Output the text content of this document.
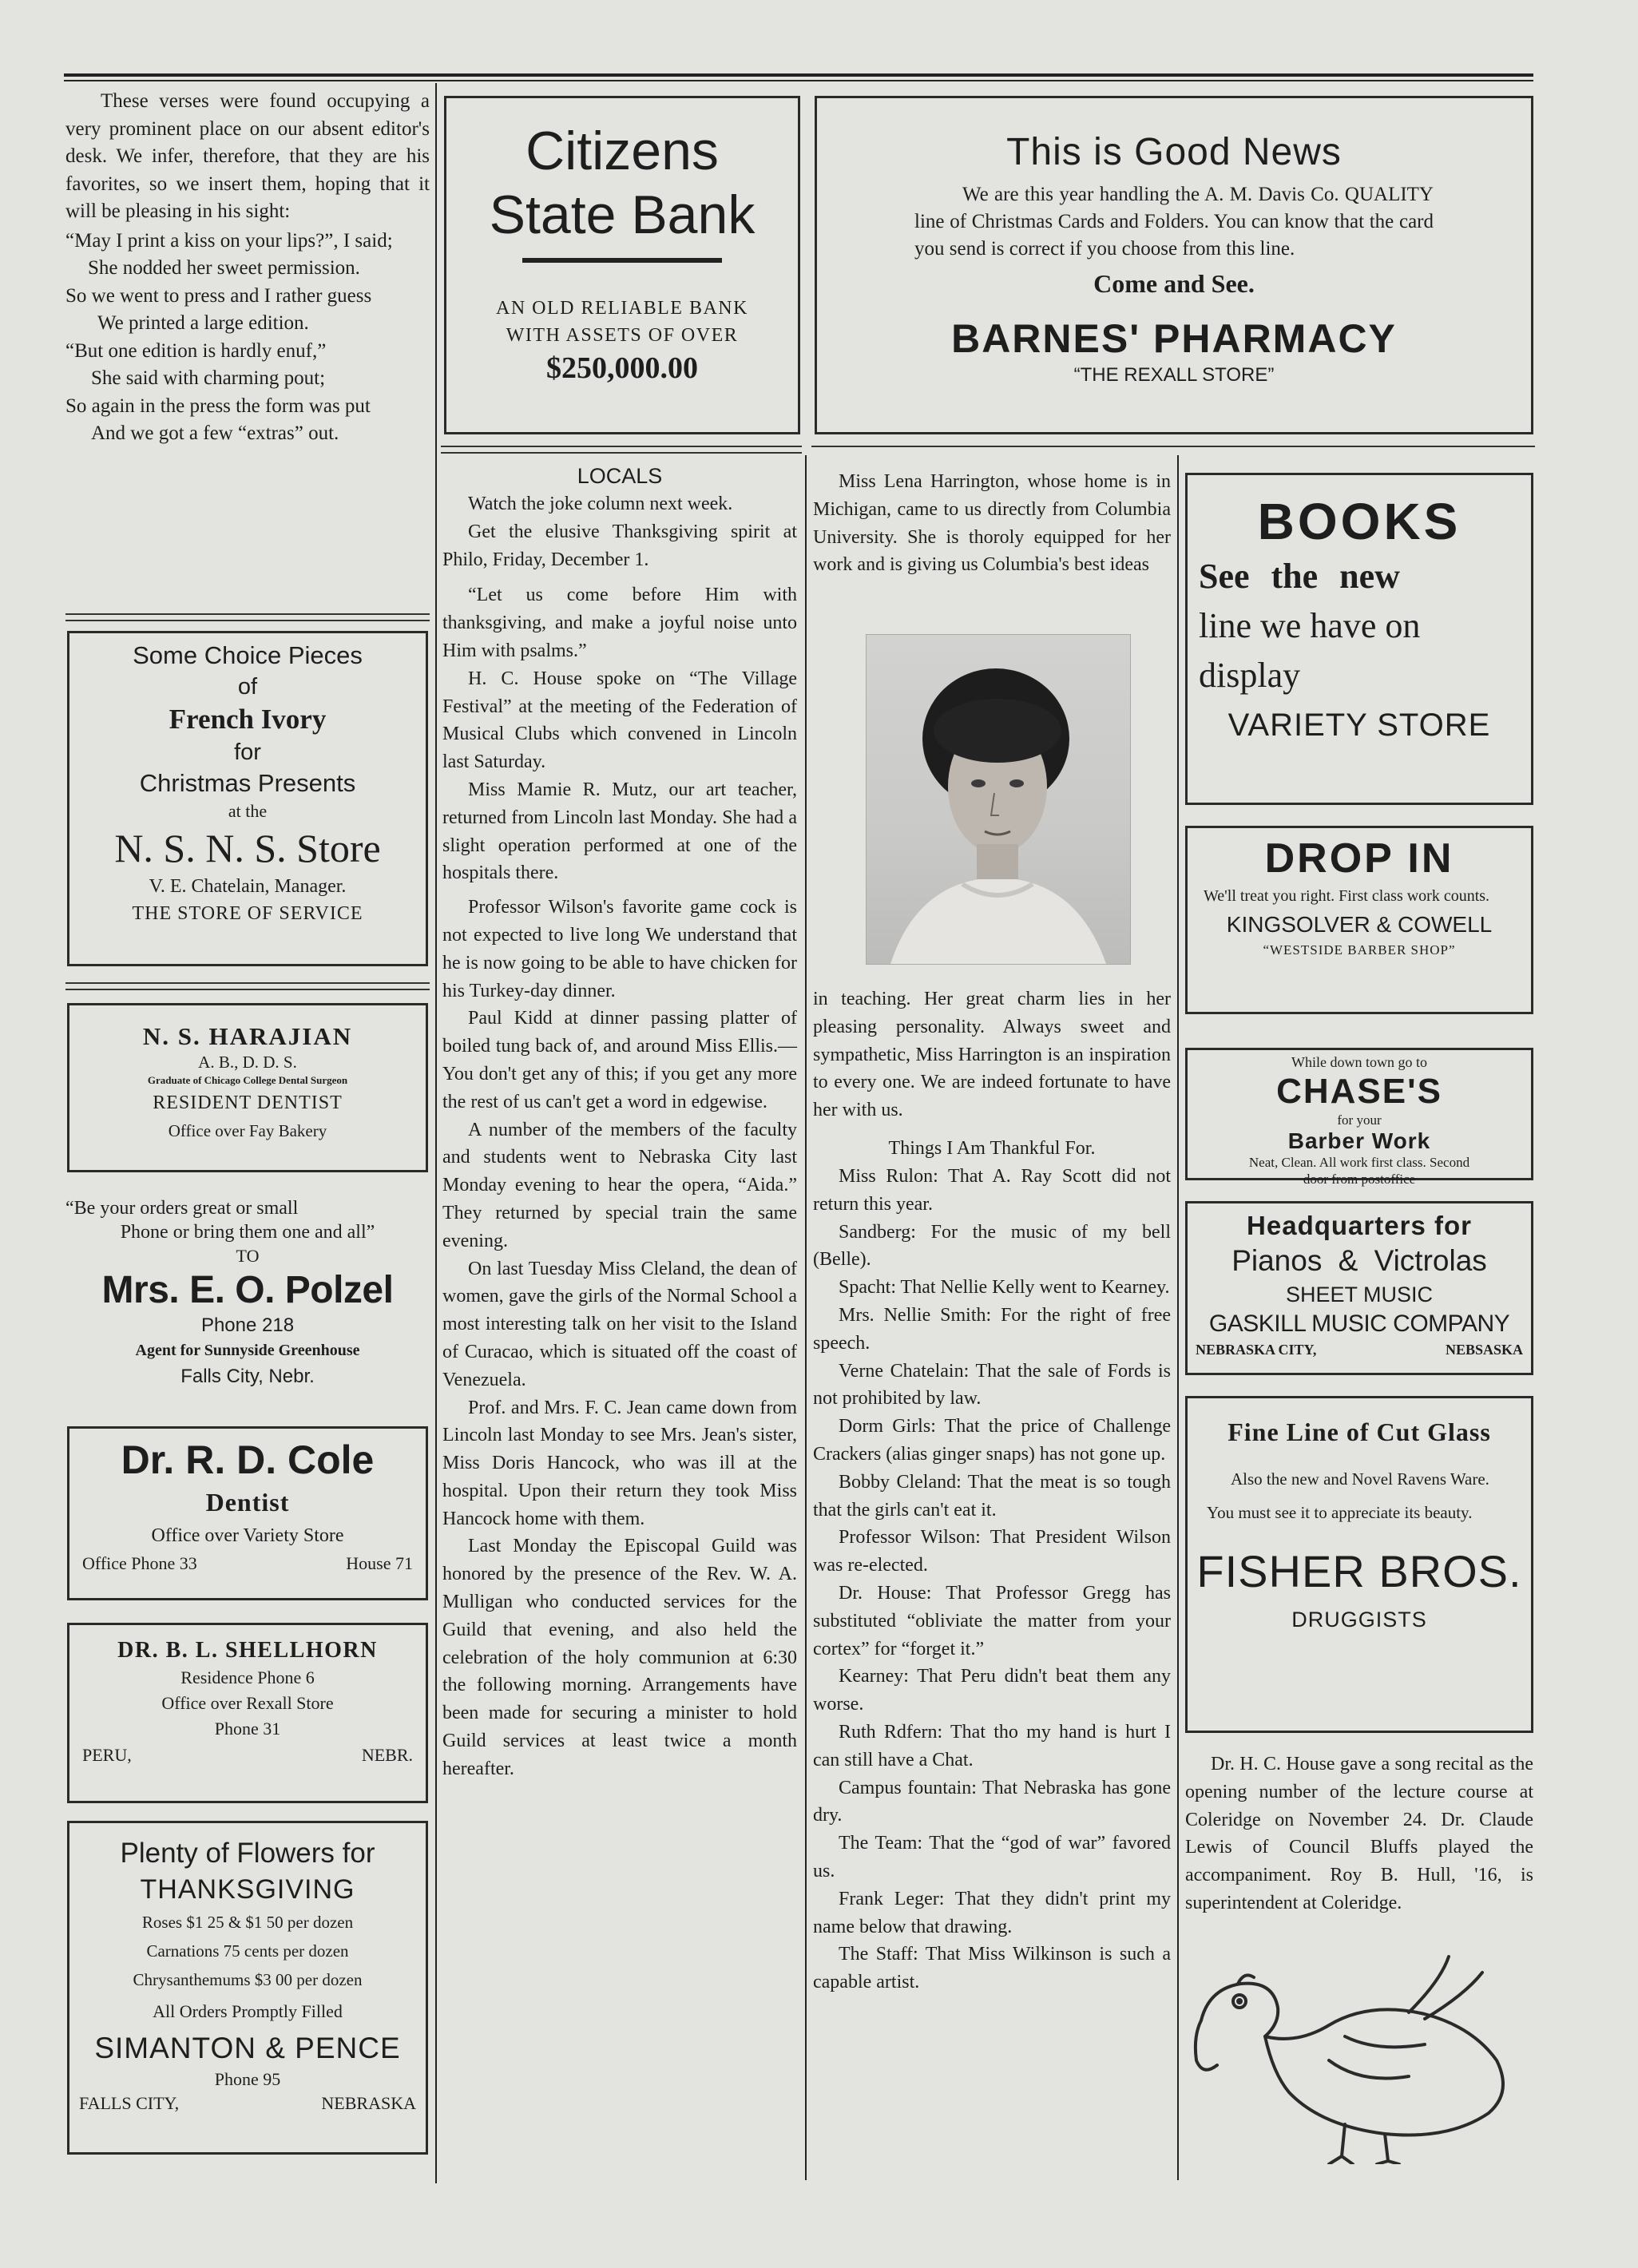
These verses were found occupying a very prominent place on our absent editor's desk. We infer, therefore, that they are his favorites, so we insert them, hoping that it will be pleasing in his sight:

“May I print a kiss on your lips?”, I said;

She nodded her sweet permission.

So we went to press and I rather guess

We printed a large edition.

“But one edition is hardly enuf,”

She said with charming pout;

So again in the press the form was put

And we got a few “extras” out.

Some Choice Pieces
of
French Ivory
for
Christmas Presents
at the
N. S. N. S. Store
V. E. Chatelain, Manager.
THE STORE OF SERVICE
N. S. HARAJIAN
A. B., D. D. S.
Graduate of Chicago College Dental Surgeon
RESIDENT DENTIST
Office over Fay Bakery
“Be your orders great or small
Phone or bring them one and all”
TO
Mrs. E. O. Polzel
Phone 218
Agent for Sunnyside Greenhouse
Falls City, Nebr.
Dr. R. D. Cole
Dentist
Office over Variety Store
Office Phone 33	House 71
DR. B. L. SHELLHORN
Residence Phone 6
Office over Rexall Store
Phone 31
PERU,	NEBR.
Plenty of Flowers for
THANKSGIVING
Roses $1 25 & $1 50 per dozen
Carnations 75 cents per dozen
Chrysanthemums $3 00 per dozen
All Orders Promptly Filled
SIMANTON & PENCE
Phone 95
FALLS CITY,	NEBRASKA
Citizens
State Bank
AN OLD RELIABLE BANK
WITH ASSETS OF OVER
$250,000.00
LOCALS

Watch the joke column next week.

Get the elusive Thanksgiving spirit at Philo, Friday, December 1.

“Let us come before Him with thanksgiving, and make a joyful noise unto Him with psalms.”

H. C. House spoke on “The Village Festival” at the meeting of the Federation of Musical Clubs which convened in Lincoln last Saturday.

Miss Mamie R. Mutz, our art teacher, returned from Lincoln last Monday. She had a slight operation performed at one of the hospitals there.

Professor Wilson's favorite game cock is not expected to live long We understand that he is now going to be able to have chicken for his Turkey-day dinner.

Paul Kidd at dinner passing platter of boiled tung back of, and around Miss Ellis.—You don't get any of this; if you get any more the rest of us can't get a word in edgewise.

A number of the members of the faculty and students went to Nebraska City last Monday evening to hear the opera, “Aida.” They returned by special train the same evening.

On last Tuesday Miss Cleland, the dean of women, gave the girls of the Normal School a most interesting talk on her visit to the Island of Curacao, which is situated off the coast of Venezuela.

Prof. and Mrs. F. C. Jean came down from Lincoln last Monday to see Mrs. Jean's sister, Miss Doris Hancock, who was ill at the hospital. Upon their return they took Miss Hancock home with them.

Last Monday the Episcopal Guild was honored by the presence of the Rev. W. A. Mulligan who conducted services for the Guild that evening, and also held the celebration of the holy communion at 6:30 the following morning. Arrangements have been made for securing a minister to hold Guild services at least twice a month hereafter.

This is Good News

We are this year handling the A. M. Davis Co. QUALITY line of Christmas Cards and Folders. You can know that the card you send is correct if you choose from this line.

Come and See.
BARNES' PHARMACY
“THE REXALL STORE”

Miss Lena Harrington, whose home is in Michigan, came to us directly from Columbia University. She is thoroly equipped for her work and is giving us Columbia's best ideas

in teaching. Her great charm lies in her pleasing personality. Always sweet and sympathetic, Miss Harrington is an inspiration to every one. We are indeed fortunate to have her with us.

Things I Am Thankful For.

Miss Rulon: That A. Ray Scott did not return this year.

Sandberg: For the music of my bell (Belle).

Spacht: That Nellie Kelly went to Kearney.

Mrs. Nellie Smith: For the right of free speech.

Verne Chatelain: That the sale of Fords is not prohibited by law.

Dorm Girls: That the price of Challenge Crackers (alias ginger snaps) has not gone up.

Bobby Cleland: That the meat is so tough that the girls can't eat it.

Professor Wilson: That President Wilson was re-elected.

Dr. House: That Professor Gregg has substituted “obliviate the matter from your cortex” for “forget it.”

Kearney: That Peru didn't beat them any worse.

Ruth Rdfern: That tho my hand is hurt I can still have a Chat.

Campus fountain: That Nebraska has gone dry.

The Team: That the “god of war” favored us.

Frank Leger: That they didn't print my name below that drawing.

The Staff: That Miss Wilkinson is such a capable artist.

BOOKS
See the new
line we have on
display
VARIETY STORE
DROP IN

We'll treat you right. First class work counts.

KINGSOLVER & COWELL
“WESTSIDE BARBER SHOP”
While down town go to
CHASE'S
for your
Barber Work

Neat, Clean. All work first class. Second door from postoffice

Headquarters for
Pianos & Victrolas
SHEET MUSIC
GASKILL MUSIC COMPANY
NEBRASKA CITY,	NEBSASKA
Fine Line of Cut Glass

Also the new and Novel Ravens Ware. You must see it to appreciate its beauty.

FISHER BROS.
DRUGGISTS

Dr. H. C. House gave a song recital as the opening number of the lecture course at Coleridge on November 24. Dr. Claude Lewis of Council Bluffs played the accompaniment. Roy B. Hull, '16, is superintendent at Coleridge.
